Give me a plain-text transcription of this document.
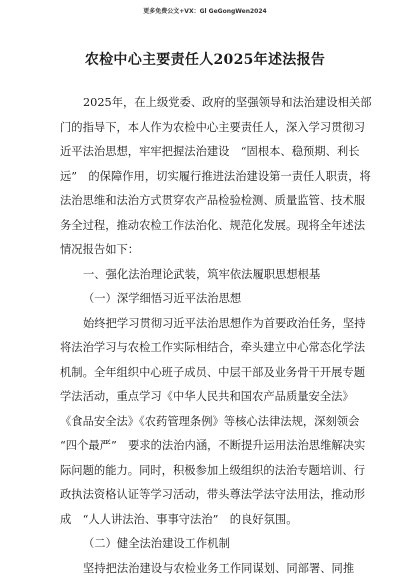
更多免费公文+VX：Gl GeGongWen2024
农检中心主要责任人2025年述法报告
2025年，在上级党委、政府的坚强领导和法治建设相关部
门的指导下，本人作为农检中心主要责任人，深入学习贯彻习
近平法治思想，牢牢把握法治建设　“固根本、稳预期、利长
远”　的保障作用，切实履行推进法治建设第一责任人职责，将
法治思维和法治方式贯穿农产品检验检测、质量监管、技术服
务全过程，推动农检工作法治化、规范化发展。现将全年述法
情况报告如下：
一、强化法治理论武装，筑牢依法履职思想根基
（一）深学细悟习近平法治思想
始终把学习贯彻习近平法治思想作为首要政治任务，坚持
将法治学习与农检工作实际相结合，牵头建立中心常态化学法
机制。全年组织中心班子成员、中层干部及业务骨干开展专题
学法活动，重点学习《中华人民共和国农产品质量安全法》
《食品安全法》《农药管理条例》等核心法律法规，深刻领会
“四个最严”　要求的法治内涵，不断提升运用法治思维解决实
际问题的能力。同时，积极参加上级组织的法治专题培训、行
政执法资格认证等学习活动，带头尊法学法守法用法，推动形
成　“人人讲法治、事事守法治”　的良好氛围。
（二）健全法治建设工作机制
坚持把法治建设与农检业务工作同谋划、同部署、同推
